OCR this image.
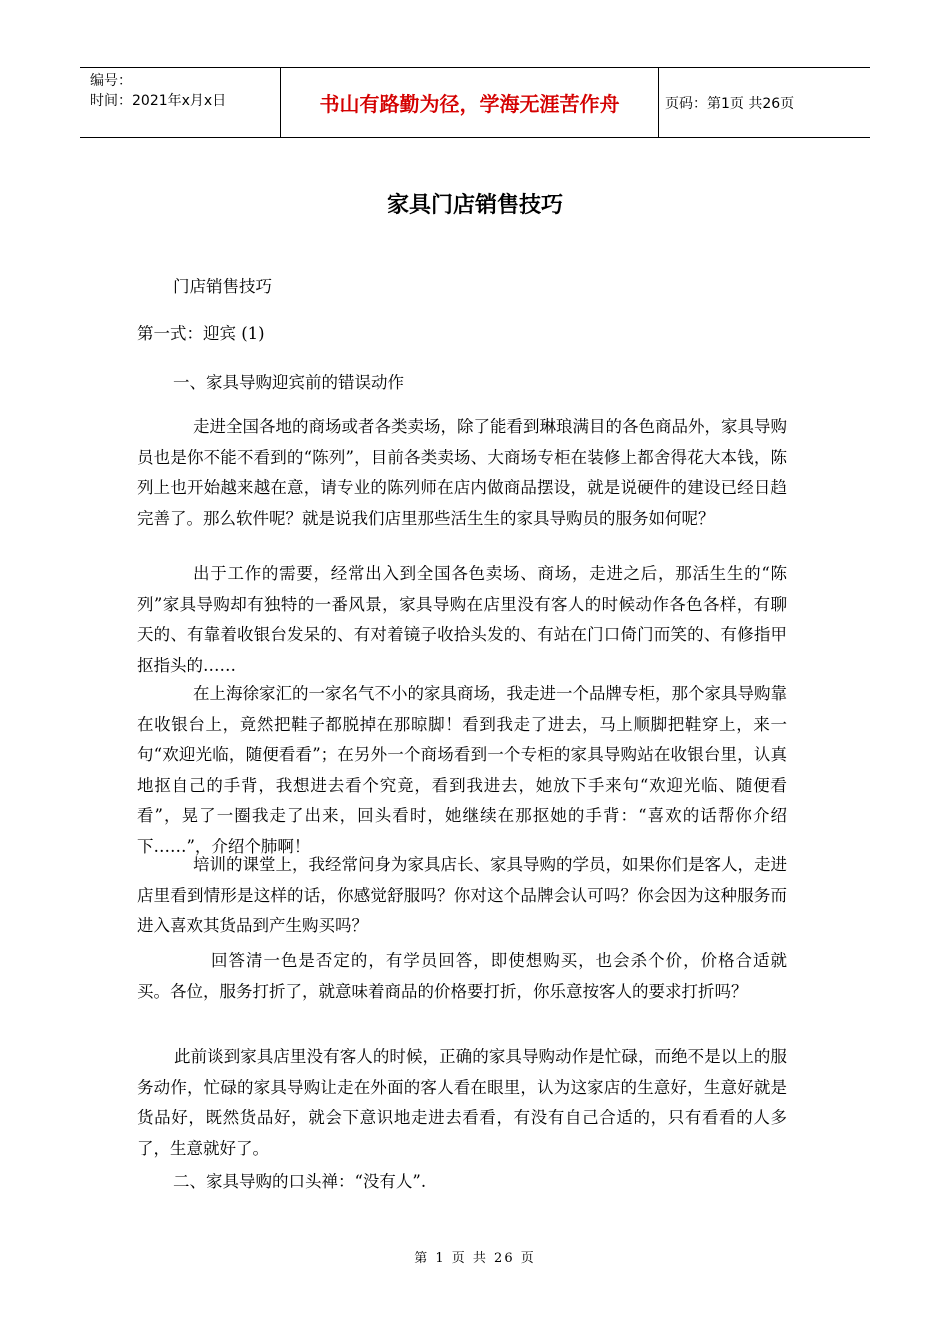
编号：
时间：2021年x月x日	书山有路勤为径，学海无涯苦作舟	页码：第1页 共26页
家具门店销售技巧
门店销售技巧
第一式：迎宾 (1)
一、家具导购迎宾前的错误动作
走进全国各地的商场或者各类卖场，除了能看到琳琅满目的各色商品外，家具导购员也是你不能不看到的“陈列”，目前各类卖场、大商场专柜在装修上都舍得花大本钱，陈列上也开始越来越在意，请专业的陈列师在店内做商品摆设，就是说硬件的建设已经日趋完善了。那么软件呢？就是说我们店里那些活生生的家具导购员的服务如何呢？
出于工作的需要，经常出入到全国各色卖场、商场，走进之后，那活生生的“陈列”家具导购却有独特的一番风景，家具导购在店里没有客人的时候动作各色各样，有聊天的、有靠着收银台发呆的、有对着镜子收拾头发的、有站在门口倚门而笑的、有修指甲抠指头的……
在上海徐家汇的一家名气不小的家具商场，我走进一个品牌专柜，那个家具导购靠在收银台上，竟然把鞋子都脱掉在那晾脚！看到我走了进去，马上顺脚把鞋穿上，来一句“欢迎光临，随便看看”；在另外一个商场看到一个专柜的家具导购站在收银台里，认真地抠自己的手背，我想进去看个究竟，看到我进去，她放下手来句“欢迎光临、随便看看”，晃了一圈我走了出来，回头看时，她继续在那抠她的手背：“喜欢的话帮你介绍下……”，介绍个肺啊！
培训的课堂上，我经常问身为家具店长、家具导购的学员，如果你们是客人，走进店里看到情形是这样的话，你感觉舒服吗？你对这个品牌会认可吗？你会因为这种服务而进入喜欢其货品到产生购买吗？
回答清一色是否定的，有学员回答，即使想购买，也会杀个价，价格合适就买。各位，服务打折了，就意味着商品的价格要打折，你乐意按客人的要求打折吗？
此前谈到家具店里没有客人的时候，正确的家具导购动作是忙碌，而绝不是以上的服务动作，忙碌的家具导购让走在外面的客人看在眼里，认为这家店的生意好，生意好就是货品好，既然货品好，就会下意识地走进去看看，有没有自己合适的，只有看看的人多了，生意就好了。
二、家具导购的口头禅：“没有人”.
第 1 页 共 26 页
